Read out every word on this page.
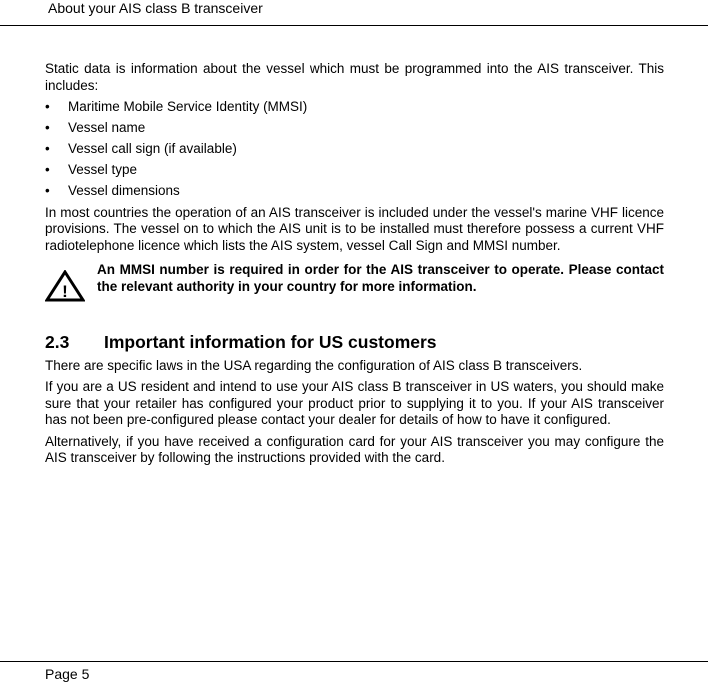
About your AIS class B transceiver

Static data is information about the vessel which must be programmed into the AIS transceiver. This includes:

•	Maritime Mobile Service Identity (MMSI)
•	Vessel name
•	Vessel call sign (if available)
•	Vessel type
•	Vessel dimensions

In most countries the operation of an AIS transceiver is included under the vessel's marine VHF licence provisions. The vessel on to which the AIS unit is to be installed must therefore possess a current VHF radiotelephone licence which lists the AIS system, vessel Call Sign and MMSI number.

!
An MMSI number is required in order for the AIS transceiver to operate. Please contact the relevant authority in your country for more information.
2.3	Important information for US customers

There are specific laws in the USA regarding the configuration of AIS class B transceivers.

If you are a US resident and intend to use your AIS class B transceiver in US waters, you should make sure that your retailer has configured your product prior to supplying it to you. If your AIS transceiver has not been pre-configured please contact your dealer for details of how to have it configured.

Alternatively, if you have received a configuration card for your AIS transceiver you may configure the AIS transceiver by following the instructions provided with the card.

Page 5
